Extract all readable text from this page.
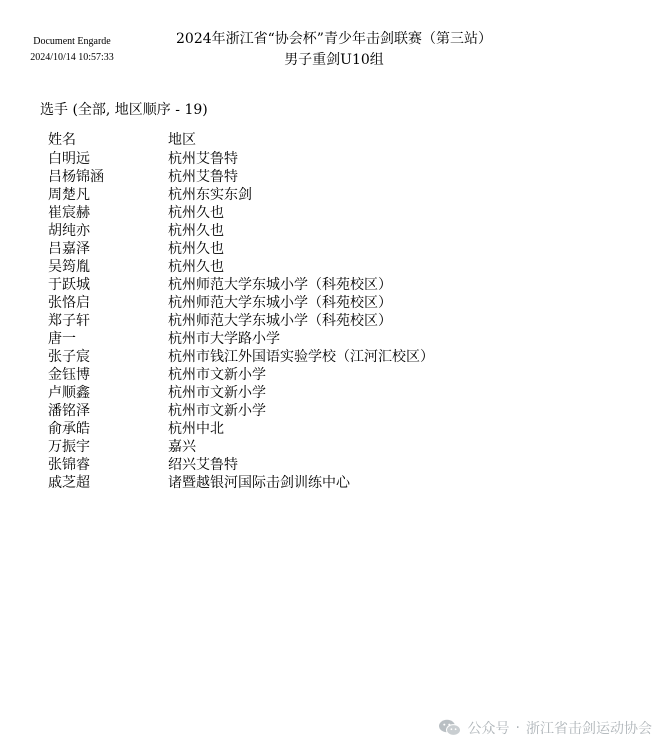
Document Engarde
2024/10/14 10:57:33
2024年浙江省“协会杯”青少年击剑联赛（第三站）
男子重剑U10组
选手 (全部, 地区顺序 - 19)
姓名	地区
白明远	杭州艾鲁特
吕杨锦涵	杭州艾鲁特
周楚凡	杭州东实东剑
崔宸赫	杭州久也
胡纯亦	杭州久也
吕嘉泽	杭州久也
吴筠胤	杭州久也
于跃城	杭州师范大学东城小学（科苑校区）
张恪启	杭州师范大学东城小学（科苑校区）
郑子轩	杭州师范大学东城小学（科苑校区）
唐一	杭州市大学路小学
张子宸	杭州市钱江外国语实验学校（江河汇校区）
金钰博	杭州市文新小学
卢顺鑫	杭州市文新小学
潘铭泽	杭州市文新小学
俞承皓	杭州中北
万振宇	嘉兴
张锦睿	绍兴艾鲁特
戚芝超	诸暨越银河国际击剑训练中心
公众号 · 浙江省击剑运动协会
